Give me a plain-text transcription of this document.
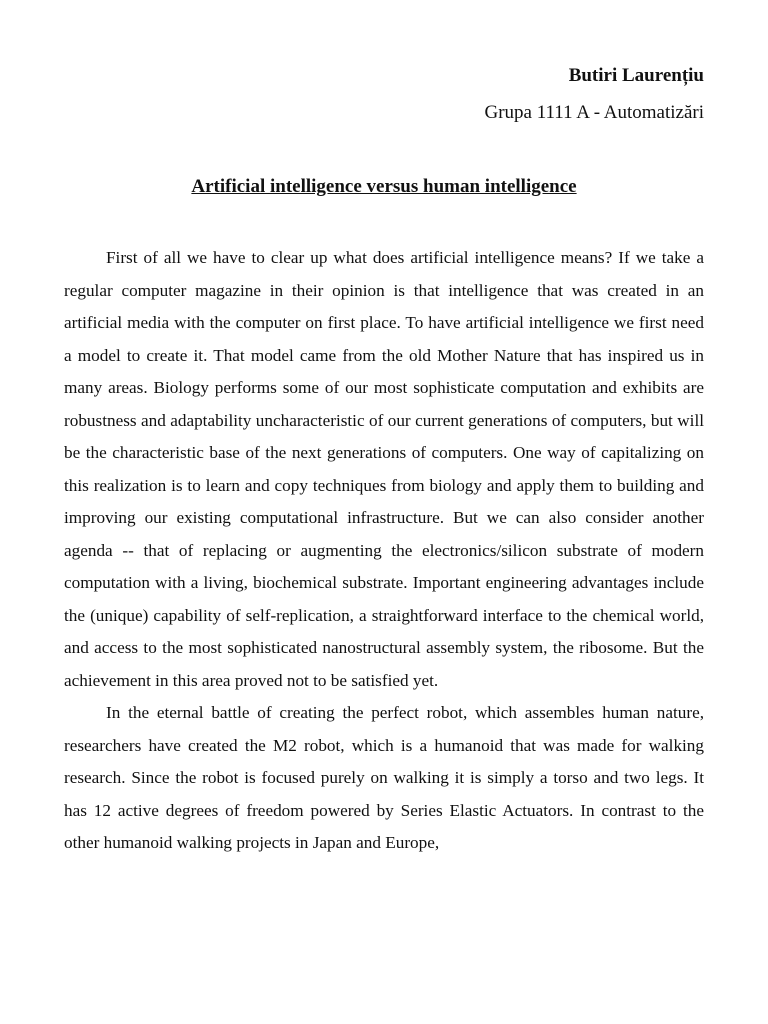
Butiri Laurențiu
Grupa 1111 A - Automatizări
Artificial intelligence versus human intelligence

First of all we have to clear up what does artificial intelligence means? If we take a regular computer magazine in their opinion is that intelligence that was created in an artificial media with the computer on first place. To have artificial intelligence we first need a model to create it. That model came from the old Mother Nature that has inspired us in many areas. Biology performs some of our most sophisticate computation and exhibits are robustness and adaptability uncharacteristic of our current generations of computers, but will be the characteristic base of the next generations of computers. One way of capitalizing on this realization is to learn and copy techniques from biology and apply them to building and improving our existing computational infrastructure. But we can also consider another agenda -- that of replacing or augmenting the electronics/silicon substrate of modern computation with a living, biochemical substrate. Important engineering advantages include the (unique) capability of self-replication, a straightforward interface to the chemical world, and access to the most sophisticated nanostructural assembly system, the ribosome. But the achievement in this area proved not to be satisfied yet.

In the eternal battle of creating the perfect robot, which assembles human nature, researchers have created the M2 robot, which is a humanoid that was made for walking research. Since the robot is focused purely on walking it is simply a torso and two legs. It has 12 active degrees of freedom powered by Series Elastic Actuators. In contrast to the other humanoid walking projects in Japan and Europe,
